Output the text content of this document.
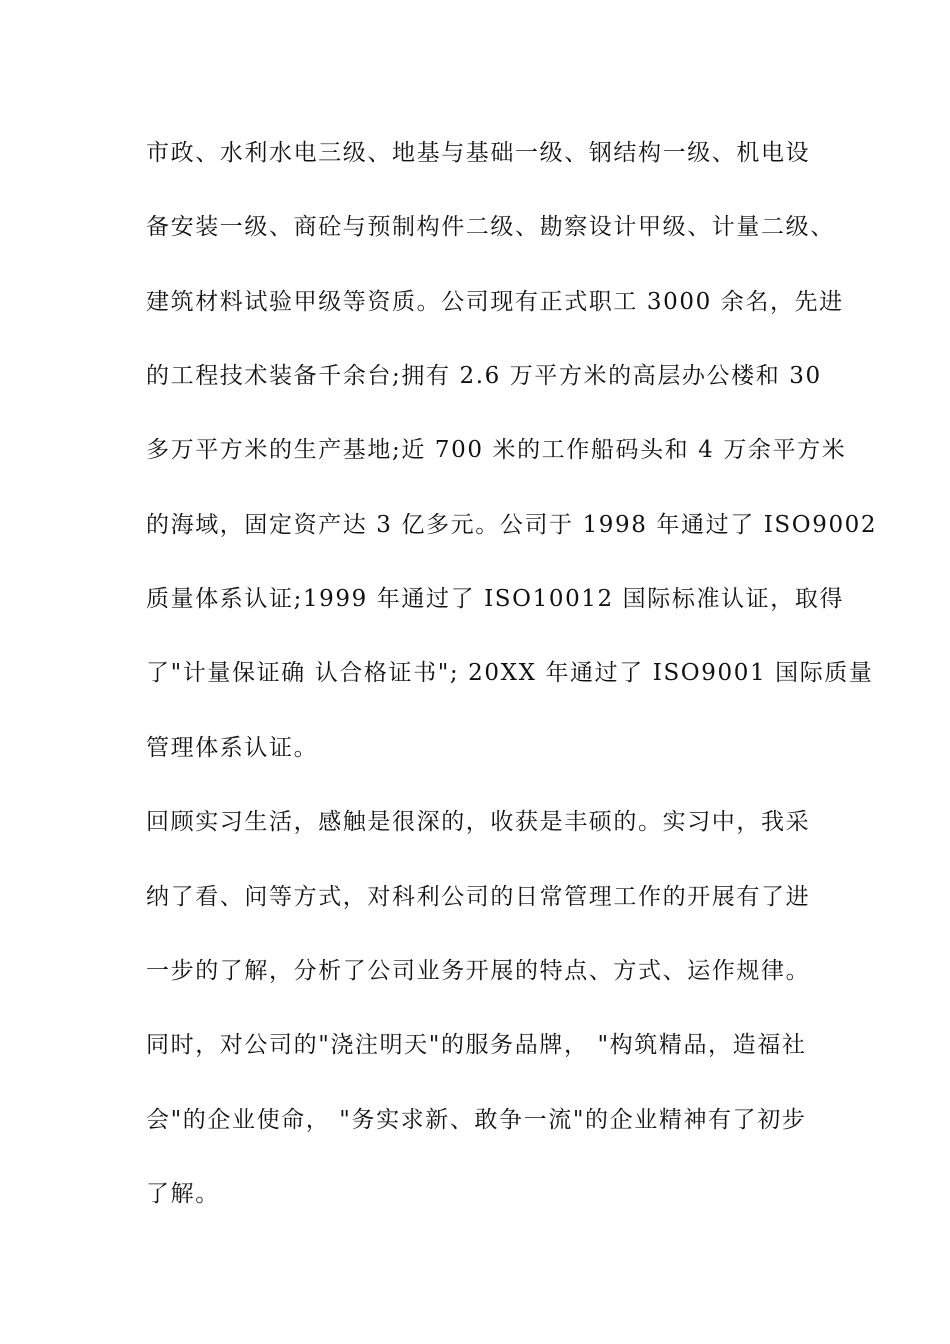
市政、水利水电三级、地基与基础一级、钢结构一级、机电设
备安装一级、商砼与预制构件二级、勘察设计甲级、计量二级、
建筑材料试验甲级等资质。公司现有正式职工 3000 余名，先进
的工程技术装备千余台;拥有 2.6 万平方米的高层办公楼和 30
多万平方米的生产基地;近 700 米的工作船码头和 4 万余平方米
的海域，固定资产达 3 亿多元。公司于 1998 年通过了 ISO9002
质量体系认证;1999 年通过了 ISO10012 国际标准认证，取得
了"计量保证确 认合格证书"; 20XX 年通过了 ISO9001 国际质量
管理体系认证。
回顾实习生活，感触是很深的，收获是丰硕的。实习中，我采
纳了看、问等方式，对科利公司的日常管理工作的开展有了进
一步的了解，分析了公司业务开展的特点、方式、运作规律。
同时，对公司的"浇注明天"的服务品牌， "构筑精品，造福社
会"的企业使命， "务实求新、敢争一流"的企业精神有了初步
了解。
